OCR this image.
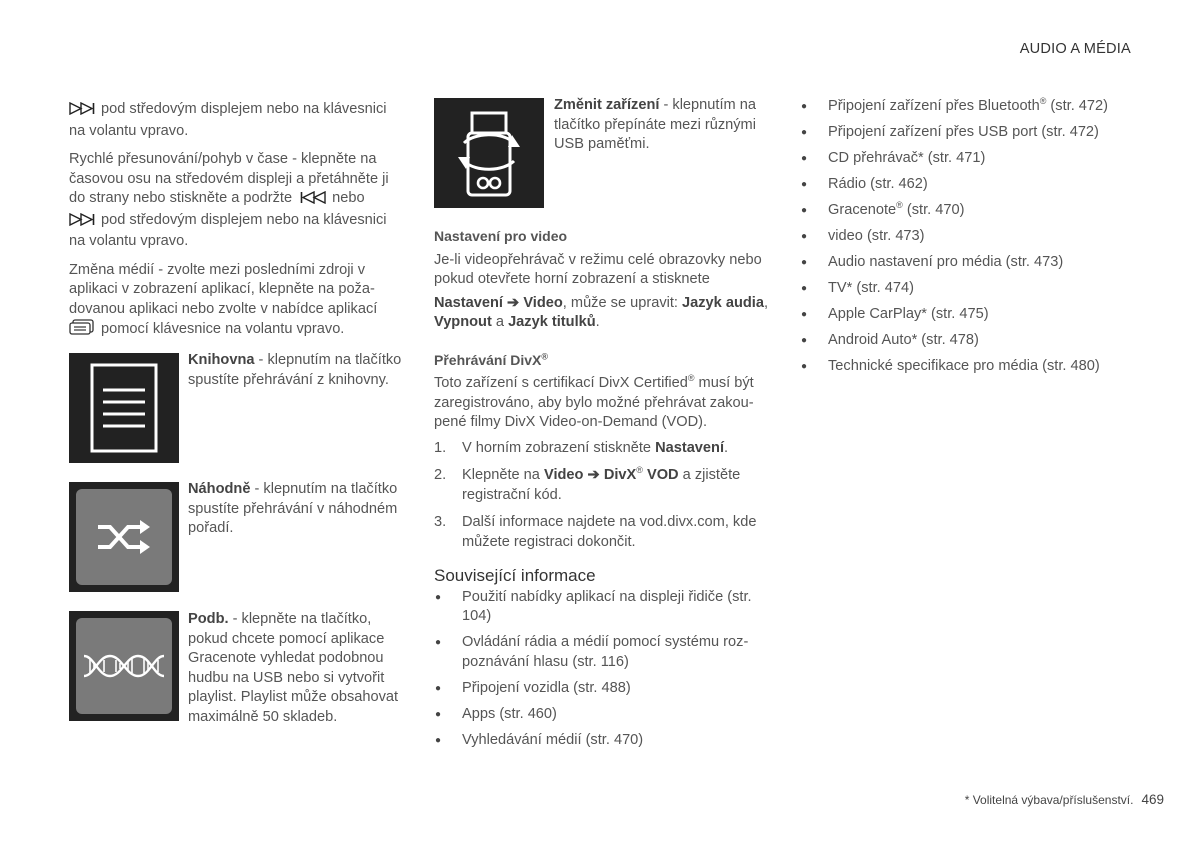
AUDIO A MÉDIA

pod středovým displejem nebo na klávesnici na volantu vpravo.

Rychlé přesunování/pohyb v čase - klepněte na časovou osu na středovém displeji a přetáhněte ji do strany nebo stiskněte a podržte	nebo
pod středovým displejem nebo na klávesnici na volantu vpravo.

Změna médií - zvolte mezi posledními zdroji v aplikaci v zobrazení aplikací, klepněte na požadovanou aplikaci nebo zvolte v nabídce aplikací
pomocí klávesnice na volantu vpravo.

Knihovna - klepnutím na tlačítko spustíte přehrávání z knihovny.
Náhodně - klepnutím na tlačítko spustíte přehrávání v náhodném pořadí.
Podb. - klepněte na tlačítko, pokud chcete pomocí aplikace Gracenote vyhledat podobnou hudbu na USB nebo si vytvořit playlist. Playlist může obsahovat maximálně 50 skladeb.
Změnit zařízení - klepnutím na tlačítko přepínáte mezi různými USB paměťmi.
Nastavení pro video

Je-li videopřehrávač v režimu celé obrazovky nebo pokud otevřete horní zobrazení a stisknete

Nastavení ➔ Video, může se upravit: Jazyk audia, Vypnout a Jazyk titulků.

Přehrávání DivX®

Toto zařízení s certifikací DivX Certified® musí být zaregistrováno, aby bylo možné přehrávat zakoupené filmy DivX Video-on-Demand (VOD).

1. V horním zobrazení stiskněte Nastavení.
2. Klepněte na Video ➔ DivX® VOD a zjistěte registrační kód.
3. Další informace najdete na vod.divx.com, kde můžete registraci dokončit.
Související informace
● Použití nabídky aplikací na displeji řidiče (str. 104)
● Ovládání rádia a médií pomocí systému rozpoznávání hlasu (str. 116)
● Připojení vozidla (str. 488)
● Apps (str. 460)
● Vyhledávání médií (str. 470)
● Připojení zařízení přes Bluetooth® (str. 472)
● Připojení zařízení přes USB port (str. 472)
● CD přehrávač* (str. 471)
● Rádio (str. 462)
● Gracenote® (str. 470)
● video (str. 473)
● Audio nastavení pro média (str. 473)
● TV* (str. 474)
● Apple CarPlay* (str. 475)
● Android Auto* (str. 478)
● Technické specifikace pro média (str. 480)
* Volitelná výbava/příslušenství. 469
